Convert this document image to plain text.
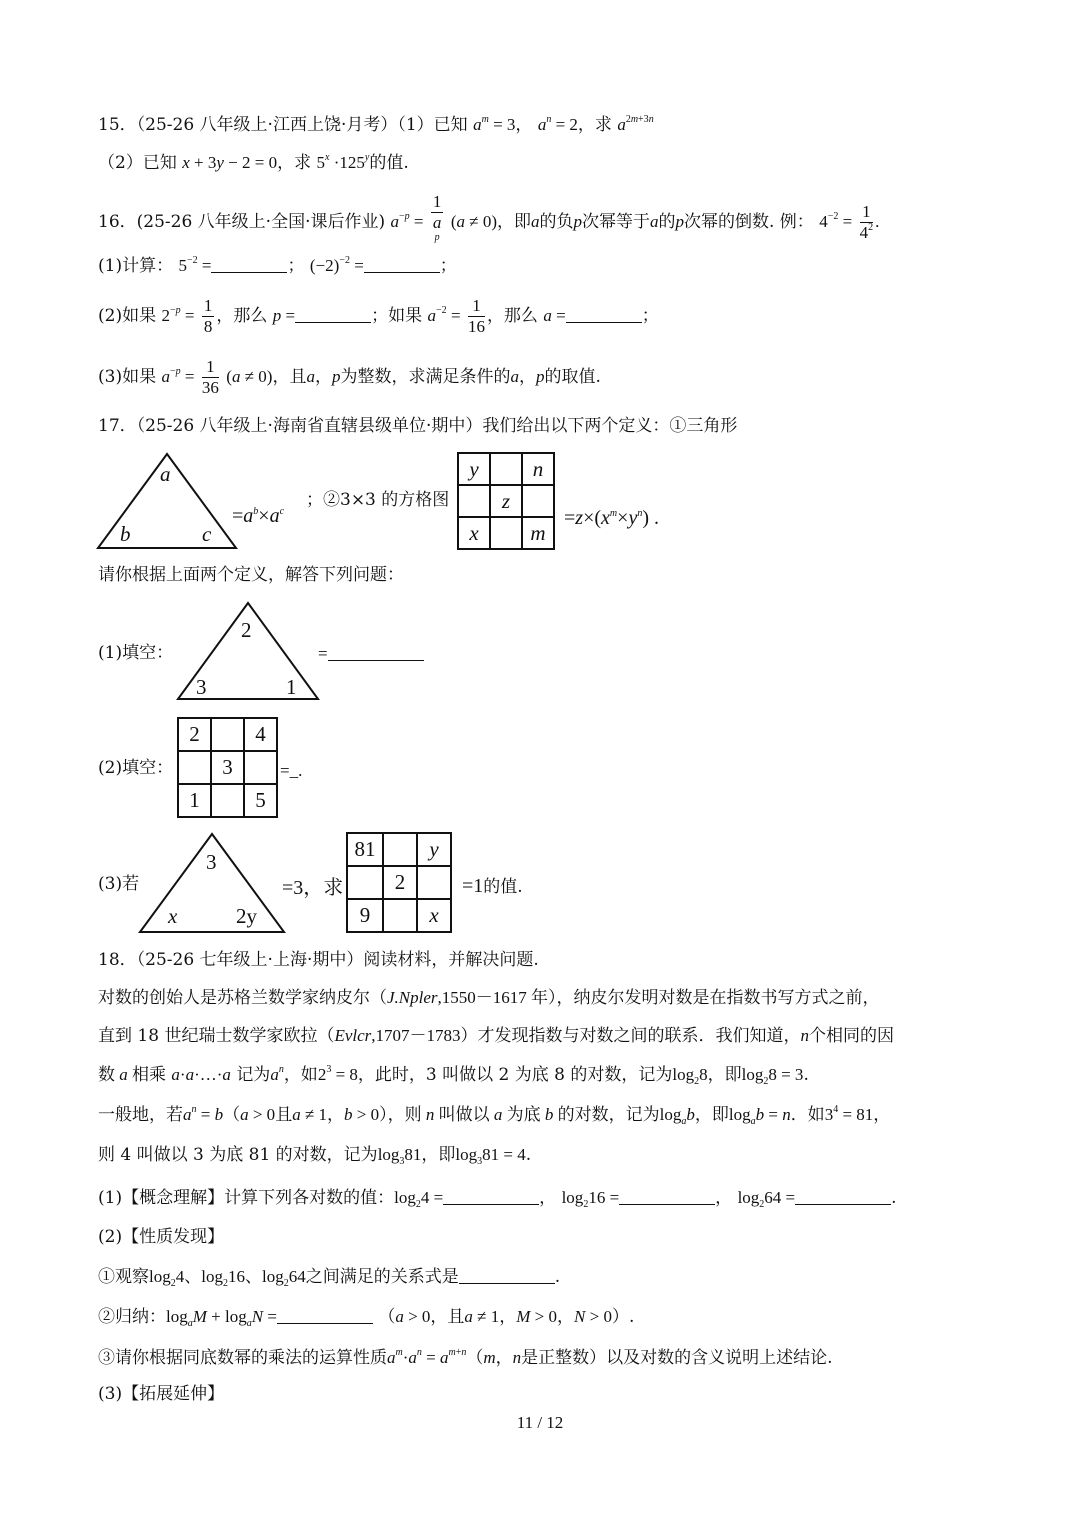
15．（25-26 八年级上·江西上饶·月考）（1）已知 $a^m = 3$， $a^n = 2$，求 $a^{2m+3n}$
（2）已知 x + 3y − 2 = 0，求 $5^x \cdot 125^y$的值.
16．(25-26 八年级上·全国·课后作业) $a^{-p} = 1$
a
$^p$ (a ≠ 0)，即a的负p次幂等于a的p次幂的倒数. 例： $4^{-2} = \frac{1}{4^2}$ .
(1)计算： $5^{-2}$ =	； $(-2)^{-2}$ =	；
(2)如果 $2^{-p} = \frac{1}{8}$ ，那么 p =	；如果 $a^{-2} = \frac{1}{16}$ ，那么 a =	；
(3)如果 $a^{-p} = \frac{1}{36} (a \ne 0)$，且a，p为整数，求满足条件的a，p的取值.
17．（25-26 八年级上·海南省直辖县级单位·期中）我们给出以下两个定义：①三角形
a
b	c
$=a^b\times a^c$
；②3×3 的方格图
y		n
	z	
x		m
$=z\times(x^m\times y^n)$ .
请你根据上面两个定义，解答下列问题：
(1)填空：
2
3	1
=
(2)填空：
2		4
	3	
1		5
=_.
(3)若
3
x	2y
=3，求
81		y
	2	
9		x
=1的值.
18．（25-26 七年级上·上海·期中）阅读材料，并解决问题.
对数的创始人是苏格兰数学家纳皮尔（J.Npler,1550－1617 年），纳皮尔发明对数是在指数书写方式之前，
直到 18 世纪瑞士数学家欧拉（Evlcr,1707－1783）才发现指数与对数之间的联系．我们知道，n个相同的因
数 a 相乘 a·a·…·a 记为$a^n$，如$2^3 = 8$，此时，3 叫做以 2 为底 8 的对数，记为$\log_28$，即$\log_28 = 3$.
一般地，若$a^n = b(a > 0$且a ≠ 1，b > 0），则 n 叫做以 a 为底 b 的对数，记为$\log_ab$，即$\log_ab = n$．如$3^4 = 81$，
则 4 叫做以 3 为底 81 的对数，记为$\log_381$，即$\log_381 = 4$.
(1)【概念理解】计算下列各对数的值：$\log_24$ =	， $\log_216$ =	， $\log_264$ =	.
(2)【性质发现】
①观察$\log_24$、$\log_216$、$\log_264$之间满足的关系式是	.
②归纳：$\log_aM + \log_aN$ =	（a > 0，且a ≠ 1，M > 0，N > 0）.
③请你根据同底数幂的乘法的运算性质$a^m\cdot a^n = a^{m+n}(m$，n是正整数）以及对数的含义说明上述结论.
(3)【拓展延伸】
11 / 12
